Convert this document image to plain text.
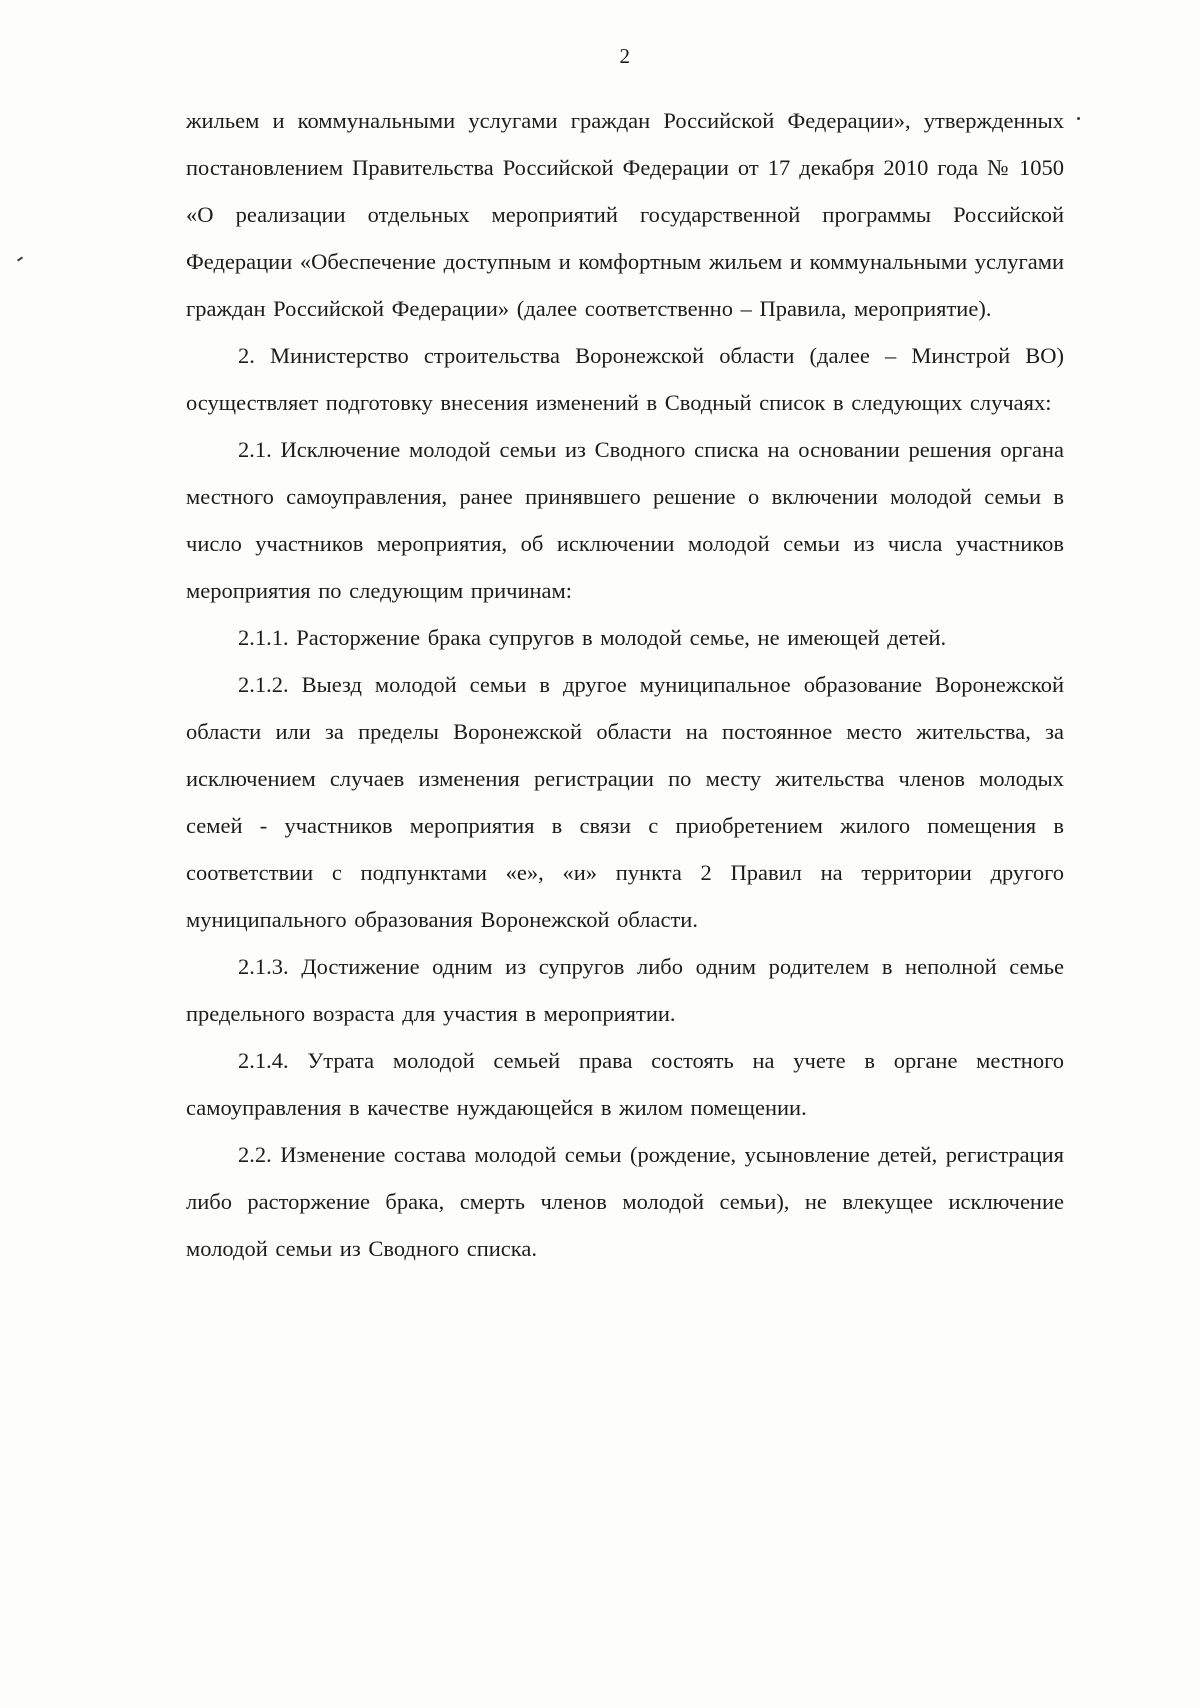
2

жильем и коммунальными услугами граждан Российской Федерации», утвержденных постановлением Правительства Российской Федерации от 17 декабря 2010 года № 1050 «О реализации отдельных мероприятий государственной программы Российской Федерации «Обеспечение доступным и комфортным жильем и коммунальными услугами граждан Российской Федерации» (далее соответственно – Правила, мероприятие).

2. Министерство строительства Воронежской области (далее – Минстрой ВО) осуществляет подготовку внесения изменений в Сводный список в следующих случаях:

2.1. Исключение молодой семьи из Сводного списка на основании решения органа местного самоуправления, ранее принявшего решение о включении молодой семьи в число участников мероприятия, об исключении молодой семьи из числа участников мероприятия по следующим причинам:

2.1.1. Расторжение брака супругов в молодой семье, не имеющей детей.

2.1.2. Выезд молодой семьи в другое муниципальное образование Воронежской области или за пределы Воронежской области на постоянное место жительства, за исключением случаев изменения регистрации по месту жительства членов молодых семей - участников мероприятия в связи с приобретением жилого помещения в соответствии с подпунктами «е», «и» пункта 2 Правил на территории другого муниципального образования Воронежской области.

2.1.3. Достижение одним из супругов либо одним родителем в неполной семье предельного возраста для участия в мероприятии.

2.1.4. Утрата молодой семьей права состоять на учете в органе местного самоуправления в качестве нуждающейся в жилом помещении.

2.2. Изменение состава молодой семьи (рождение, усыновление детей, регистрация либо расторжение брака, смерть членов молодой семьи), не влекущее исключение молодой семьи из Сводного списка.
